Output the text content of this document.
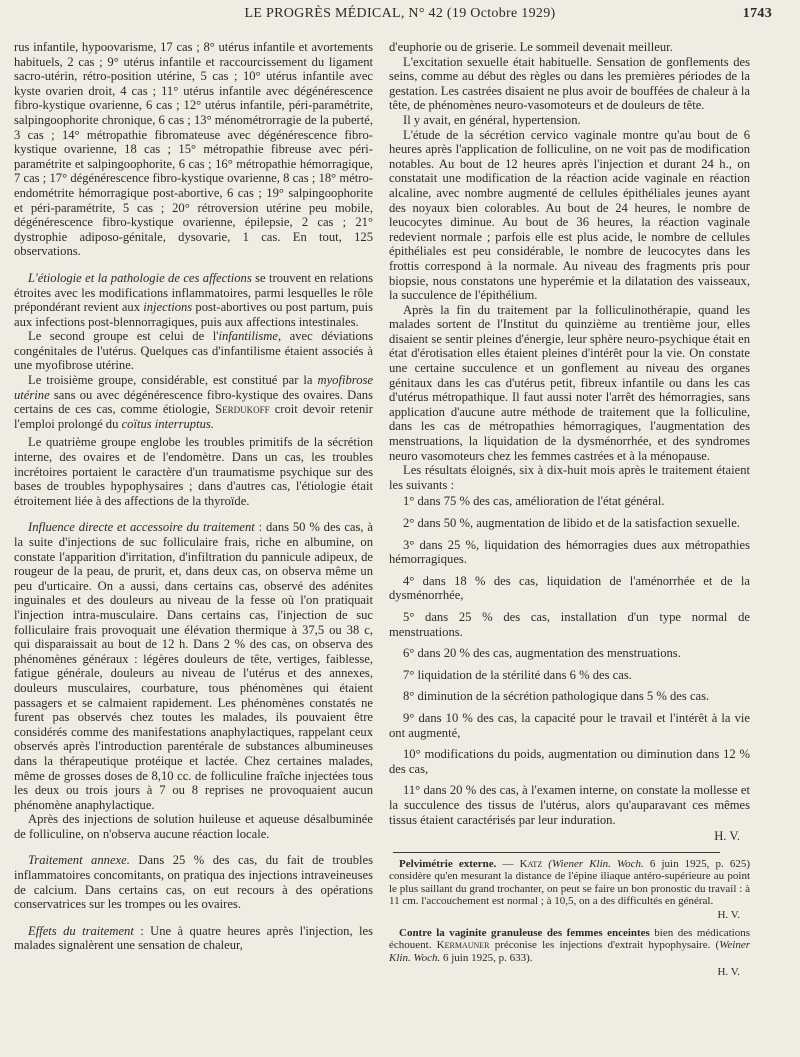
LE PROGRÈS MÉDICAL, N° 42 (19 Octobre 1929)	1743

rus infantile, hypoovarisme, 17 cas ; 8° utérus infantile et avortements habituels, 2 cas ; 9° utérus infantile et raccourcissement du ligament sacro-utérin, rétro-position utérine, 5 cas ; 10° utérus infantile avec kyste ovarien droit, 4 cas ; 11° utérus infantile avec dégénérescence fibro-kystique ovarienne, 6 cas ; 12° utérus infantile, péri-paramétrite, salpingoophorite chronique, 6 cas ; 13° ménométrorragie de la puberté, 3 cas ; 14° métropathie fibromateuse avec dégénérescence fibro-kystique ovarienne, 18 cas ; 15° métropathie fibreuse avec péri-paramétrite et salpingoophorite, 6 cas ; 16° métropathie hémorragique, 7 cas ; 17° dégénérescence fibro-kystique ovarienne, 8 cas ; 18° métro-endométrite hémorragique post-abortive, 6 cas ; 19° salpingoophorite et péri-paramétrite, 5 cas ; 20° rétroversion utérine peu mobile, dégénérescence fibro-kystique ovarienne, épilepsie, 2 cas ; 21° dystrophie adiposo-génitale, dysovarie, 1 cas. En tout, 125 observations.

L'étiologie et la pathologie de ces affections se trouvent en relations étroites avec les modifications inflammatoires, parmi lesquelles le rôle prépondérant revient aux injections post-abortives ou post partum, puis aux infections post-blennorragiques, puis aux affections intestinales.

Le second groupe est celui de l'infantilisme, avec déviations congénitales de l'utérus. Quelques cas d'infantilisme étaient associés à une myofibrose utérine.

Le troisième groupe, considérable, est constitué par la myofibrose utérine sans ou avec dégénérescence fibro-kystique des ovaires. Dans certains de ces cas, comme étiologie, Serdukoff croit devoir retenir l'emploi prolongé du coïtus interruptus.

Le quatrième groupe englobe les troubles primitifs de la sécrétion interne, des ovaires et de l'endomètre. Dans un cas, les troubles incrétoires portaient le caractère d'un traumatisme psychique sur des bases de troubles hypophysaires ; dans d'autres cas, l'étiologie était étroitement liée à des affections de la thyroïde.

Influence directe et accessoire du traitement : dans 50 % des cas, à la suite d'injections de suc folliculaire frais, riche en albumine, on constate l'apparition d'irritation, d'infiltration du pannicule adipeux, de rougeur de la peau, de prurit, et, dans deux cas, on observa même un peu d'urticaire. On a aussi, dans certains cas, observé des adénites inguinales et des douleurs au niveau de la fesse où l'on pratiquait l'injection intra-musculaire. Dans certains cas, l'injection de suc folliculaire frais provoquait une élévation thermique à 37,5 ou 38 c, qui disparaissait au bout de 12 h. Dans 2 % des cas, on observa des phénomènes généraux : légères douleurs de tête, vertiges, faiblesse, fatigue générale, douleurs au niveau de l'utérus et des annexes, douleurs musculaires, courbature, tous phénomènes qui étaient passagers et se calmaient rapidement. Les phénomènes constatés ne furent pas observés chez toutes les malades, ils pouvaient être considérés comme des manifestations anaphylactiques, rappelant ceux observés après l'introduction parentérale de substances albumineuses dans la thérapeutique protéique et lactée. Chez certaines malades, même de grosses doses de 8,10 cc. de folliculine fraîche injectées tous les deux ou trois jours à 7 ou 8 reprises ne provoquaient aucun phénomène anaphylactique.

Après des injections de solution huileuse et aqueuse désalbuminée de folliculine, on n'observa aucune réaction locale.

Traitement annexe. Dans 25 % des cas, du fait de troubles inflammatoires concomitants, on pratiqua des injections intraveineuses de calcium. Dans certains cas, on eut recours à des opérations conservatrices sur les trompes ou les ovaires.

Effets du traitement : Une à quatre heures après l'injection, les malades signalèrent une sensation de chaleur,

d'euphorie ou de griserie. Le sommeil devenait meilleur.

L'excitation sexuelle était habituelle. Sensation de gonflements des seins, comme au début des règles ou dans les premières périodes de la gestation. Les castrées disaient ne plus avoir de bouffées de chaleur à la tête, de phénomènes neuro-vasomoteurs et de douleurs de tête.

Il y avait, en général, hypertension.

L'étude de la sécrétion cervico vaginale montre qu'au bout de 6 heures après l'application de folliculine, on ne voit pas de modification notables. Au bout de 12 heures après l'injection et durant 24 h., on constatait une modification de la réaction acide vaginale en réaction alcaline, avec nombre augmenté de cellules épithéliales jeunes ayant des noyaux bien colorables. Au bout de 24 heures, le nombre de leucocytes diminue. Au bout de 36 heures, la réaction vaginale redevient normale ; parfois elle est plus acide, le nombre de cellules épithéliales est peu considérable, le nombre de leucocytes dans les frottis correspond à la normale. Au niveau des fragments pris pour biopsie, nous constatons une hyperémie et la dilatation des vaisseaux, la succulence de l'épithélium.

Après la fin du traitement par la folliculinothérapie, quand les malades sortent de l'Institut du quinzième au trentième jour, elles disaient se sentir pleines d'énergie, leur sphère neuro-psychique était en état d'érotisation elles étaient pleines d'intérêt pour la vie. On constate une certaine succulence et un gonflement au niveau des organes génitaux dans les cas d'utérus petit, fibreux infantile ou dans les cas d'utérus métropathique. Il faut aussi noter l'arrêt des hémorragies, sans application d'aucune autre méthode de traitement que la folliculine, dans les cas de métropathies hémorragiques, l'augmentation des menstruations, la liquidation de la dysménorrhée, et des syndromes neuro vasomoteurs chez les femmes castrées et à la ménopause.

Les résultats éloignés, six à dix-huit mois après le traitement étaient les suivants :

1° dans 75 % des cas, amélioration de l'état général.

2° dans 50 %, augmentation de libido et de la satisfaction sexuelle.

3° dans 25 %, liquidation des hémorragies dues aux métropathies hémorragiques.

4° dans 18 % des cas, liquidation de l'aménorrhée et de la dysménorrhée,

5° dans 25 % des cas, installation d'un type normal de menstruations.

6° dans 20 % des cas, augmentation des menstruations.

7° liquidation de la stérilité dans 6 % des cas.

8° diminution de la sécrétion pathologique dans 5 % des cas.

9° dans 10 % des cas, la capacité pour le travail et l'intérêt à la vie ont augmenté,

10° modifications du poids, augmentation ou diminution dans 12 % des cas,

11° dans 20 % des cas, à l'examen interne, on constate la mollesse et la succulence des tissus de l'utérus, alors qu'auparavant ces mêmes tissus étaient caractérisés par leur induration.

H. V.

Pelvimétrie externe. — Katz (Wiener Klin. Woch. 6 juin 1925, p. 625) considère qu'en mesurant la distance de l'épine iliaque antéro-supérieure au point le plus saillant du grand trochanter, on peut se faire un bon pronostic du travail : à 11 cm. l'accouchement est normal ; à 10,5, on a des difficultés en général.

H. V.

Contre la vaginite granuleuse des femmes enceintes bien des médications échouent. Kermauner préconise les injections d'extrait hypophysaire. (Weiner Klin. Woch. 6 juin 1925, p. 633).

H. V.
